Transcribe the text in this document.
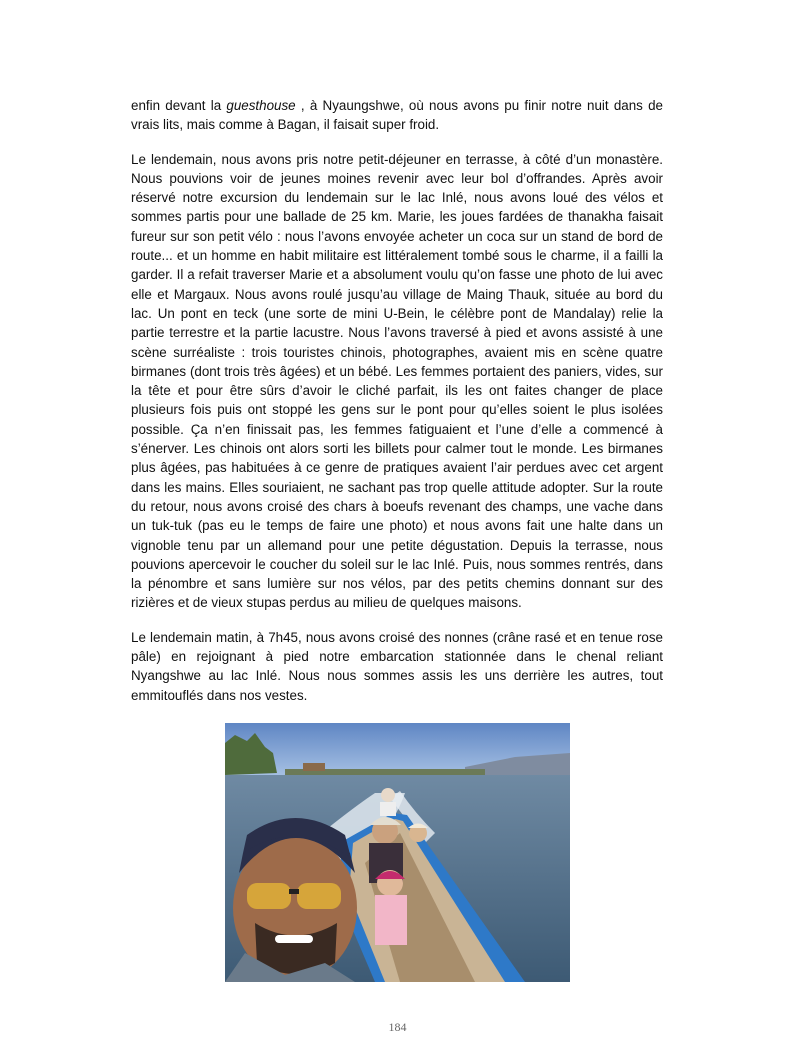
enfin devant la guesthouse , à Nyaungshwe, où nous avons pu finir notre nuit dans de vrais lits, mais comme à Bagan, il faisait super froid.

Le lendemain, nous avons pris notre petit-déjeuner en terrasse, à côté d’un monastère. Nous pouvions voir de jeunes moines revenir avec leur bol d’offrandes. Après avoir réservé notre excursion du lendemain sur le lac Inlé, nous avons loué des vélos et sommes partis pour une ballade de 25 km. Marie, les joues fardées de thanakha faisait fureur sur son petit vélo : nous l’avons envoyée acheter un coca sur un stand de bord de route... et un homme en habit militaire est littéralement tombé sous le charme, il a failli la garder. Il a refait traverser Marie et a absolument voulu qu’on fasse une photo de lui avec elle et Margaux. Nous avons roulé jusqu’au village de Maing Thauk, située au bord du lac. Un pont en teck (une sorte de mini U-Bein, le célèbre pont de Mandalay) relie la partie terrestre et la partie lacustre. Nous l’avons traversé à pied et avons assisté à une scène surréaliste : trois touristes chinois, photographes, avaient mis en scène quatre birmanes (dont trois très âgées) et un bébé. Les femmes portaient des paniers, vides, sur la tête et pour être sûrs d’avoir le cliché parfait, ils les ont faites changer de place plusieurs fois puis ont stoppé les gens sur le pont pour qu’elles soient le plus isolées possible. Ça n’en finissait pas, les femmes fatiguaient et l’une d’elle a commencé à s’énerver. Les chinois ont alors sorti les billets pour calmer tout le monde. Les birmanes plus âgées, pas habituées à ce genre de pratiques avaient l’air perdues avec cet argent dans les mains. Elles souriaient, ne sachant pas trop quelle attitude adopter. Sur la route du retour, nous avons croisé des chars à boeufs revenant des champs, une vache dans un tuk-tuk (pas eu le temps de faire une photo) et nous avons fait une halte dans un vignoble tenu par un allemand pour une petite dégustation. Depuis la terrasse, nous pouvions apercevoir le coucher du soleil sur le lac Inlé. Puis, nous sommes rentrés, dans la pénombre et sans lumière sur nos vélos, par des petits chemins donnant sur des rizières et de vieux stupas perdus au milieu de quelques maisons.

Le lendemain matin, à 7h45, nous avons croisé des nonnes (crâne rasé et en tenue rose pâle) en rejoignant à pied notre embarcation stationnée dans le chenal reliant Nyangshwe au lac Inlé. Nous nous sommes assis les uns derrière les autres, tout emmitouflés dans nos vestes.

184
